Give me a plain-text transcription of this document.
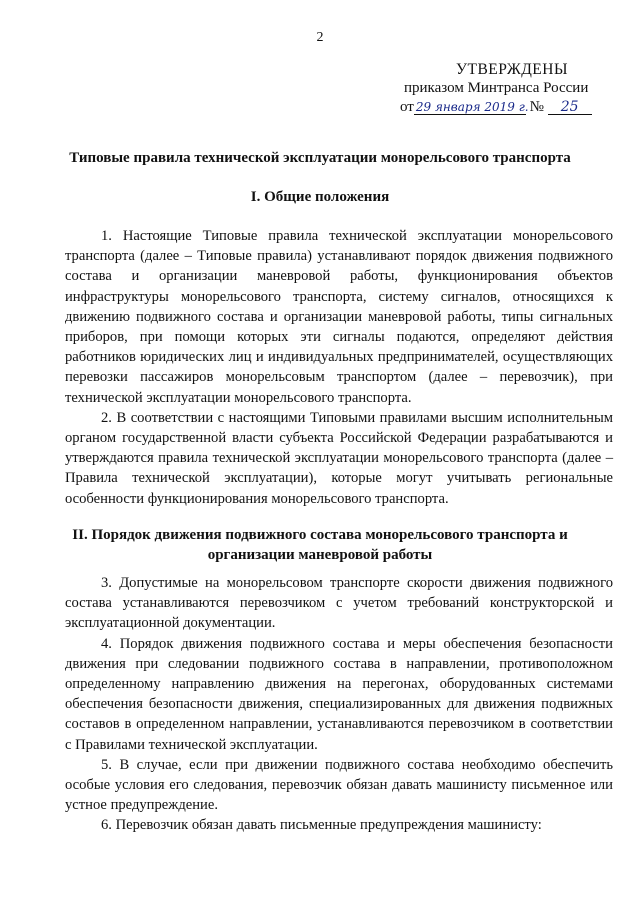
2
УТВЕРЖДЕНЫ
приказом Минтранса России
от 29 января 2019 г. № 25
Типовые правила технической эксплуатации монорельсового транспорта
I. Общие положения

1. Настоящие Типовые правила технической эксплуатации монорельсового транспорта (далее – Типовые правила) устанавливают порядок движения подвижного состава и организации маневровой работы, функционирования объектов инфраструктуры монорельсового транспорта, систему сигналов, относящихся к движению подвижного состава и организации маневровой работы, типы сигнальных приборов, при помощи которых эти сигналы подаются, определяют действия работников юридических лиц и индивидуальных предпринимателей, осуществляющих перевозки пассажиров монорельсовым транспортом (далее – перевозчик), при технической эксплуатации монорельсового транспорта.

2. В соответствии с настоящими Типовыми правилами высшим исполнительным органом государственной власти субъекта Российской Федерации разрабатываются и утверждаются правила технической эксплуатации монорельсового транспорта (далее – Правила технической эксплуатации), которые могут учитывать региональные особенности функционирования монорельсового транспорта.

II. Порядок движения подвижного состава монорельсового транспорта и организации маневровой работы

3. Допустимые на монорельсовом транспорте скорости движения подвижного состава устанавливаются перевозчиком с учетом требований конструкторской и эксплуатационной документации.

4. Порядок движения подвижного состава и меры обеспечения безопасности движения при следовании подвижного состава в направлении, противоположном определенному направлению движения на перегонах, оборудованных системами обеспечения безопасности движения, специализированных для движения подвижных составов в определенном направлении, устанавливаются перевозчиком в соответствии с Правилами технической эксплуатации.

5. В случае, если при движении подвижного состава необходимо обеспечить особые условия его следования, перевозчик обязан давать машинисту письменное или устное предупреждение.

6. Перевозчик обязан давать письменные предупреждения машинисту:
